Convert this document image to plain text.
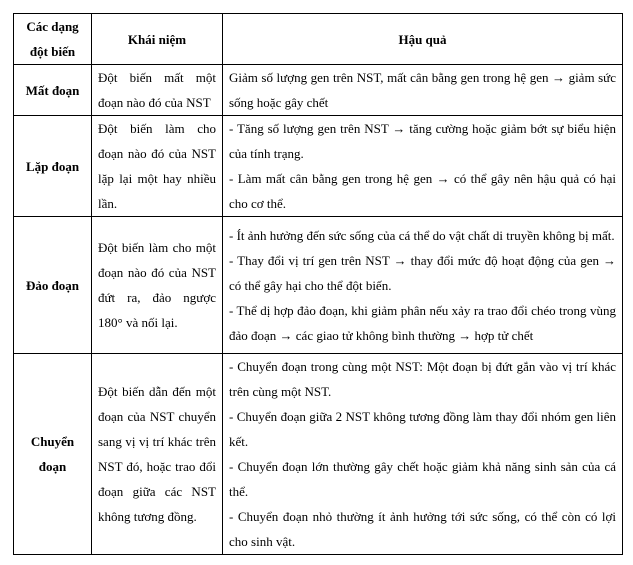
Các dạng đột biến	Khái niệm	Hậu quả
Mất đoạn	Đột biến mất một đoạn nào đó của NST	Giảm số lượng gen trên NST, mất cân bằng gen trong hệ gen → giảm sức sống hoặc gây chết

Lặp đoạn	Đột biến làm cho đoạn nào đó của NST lặp lại một hay nhiều lần.	- Tăng số lượng gen trên NST → tăng cường hoặc giảm bớt sự biểu hiện của tính trạng.
- Làm mất cân bằng gen trong hệ gen → có thể gây nên hậu quả có hại cho cơ thể.

Đảo đoạn	Đột biến làm cho một đoạn nào đó của NST đứt ra, đảo ngược 180° và nối lại.	- Ít ảnh hưởng đến sức sống của cá thể do vật chất di truyền không bị mất.
- Thay đổi vị trí gen trên NST → thay đổi mức độ hoạt động của gen → có thể gây hại cho thể đột biến.
- Thể dị hợp đảo đoạn, khi giảm phân nếu xảy ra trao đổi chéo trong vùng đảo đoạn → các giao tử không bình thường → hợp tử chết

Chuyển đoạn	Đột biến dẫn đến một đoạn của NST chuyển sang vị vị trí khác trên NST đó, hoặc trao đổi đoạn giữa các NST không tương đồng.	- Chuyển đoạn trong cùng một NST: Một đoạn bị đứt gắn vào vị trí khác trên cùng một NST.
- Chuyển đoạn giữa 2 NST không tương đồng làm thay đổi nhóm gen liên kết.
- Chuyển đoạn lớn thường gây chết hoặc giảm khả năng sinh sản của cá thể.
- Chuyển đoạn nhỏ thường ít ảnh hưởng tới sức sống, có thể còn có lợi cho sinh vật.
